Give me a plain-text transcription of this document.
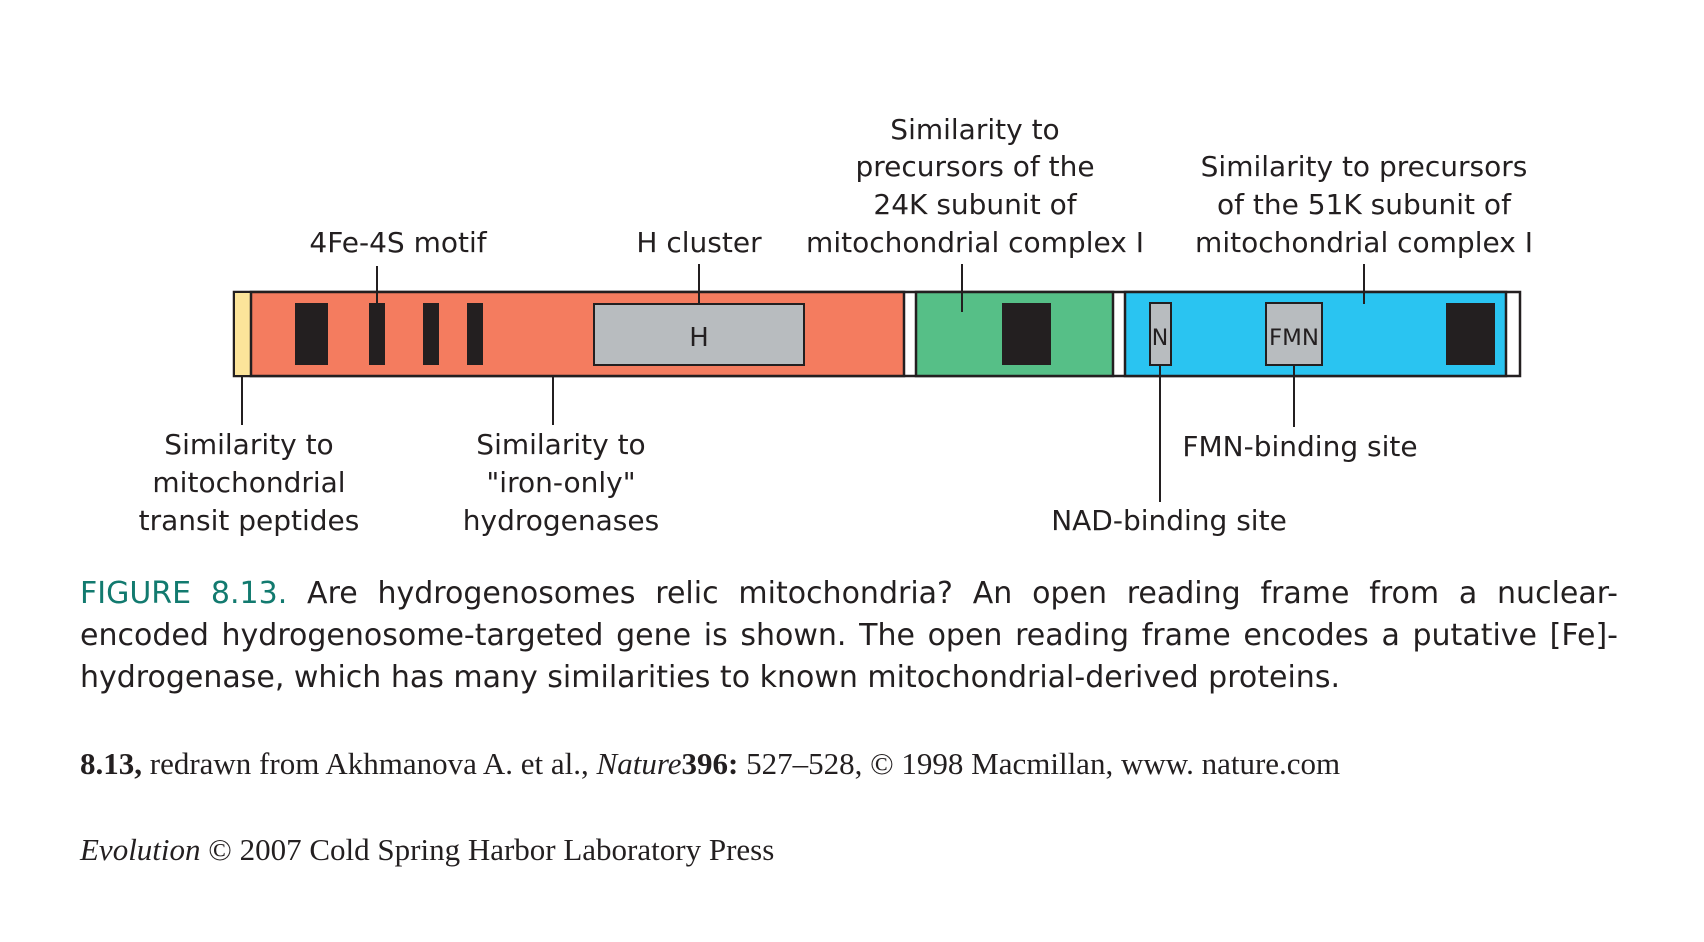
4Fe-4S motif	H cluster
Similarity to
precursors of the
24K subunit of
mitochondrial complex I
Similarity to precursors
of the 51K subunit of
mitochondrial complex I
H	N	FMN
Similarity to
mitochondrial
transit peptides
Similarity to
"iron-only"
hydrogenases
FMN-binding site
NAD-binding site
FIGURE 8.13. Are hydrogenosomes relic mitochondria? An open reading frame from a nuclear-encoded hydrogenosome-targeted gene is shown. The open reading frame encodes a putative [Fe]-hydrogenase, which has many similarities to known mitochondrial-derived proteins.
8.13, redrawn from Akhmanova A. et al., Nature396: 527–528, © 1998 Macmillan, www. nature.com
Evolution © 2007 Cold Spring Harbor Laboratory Press
